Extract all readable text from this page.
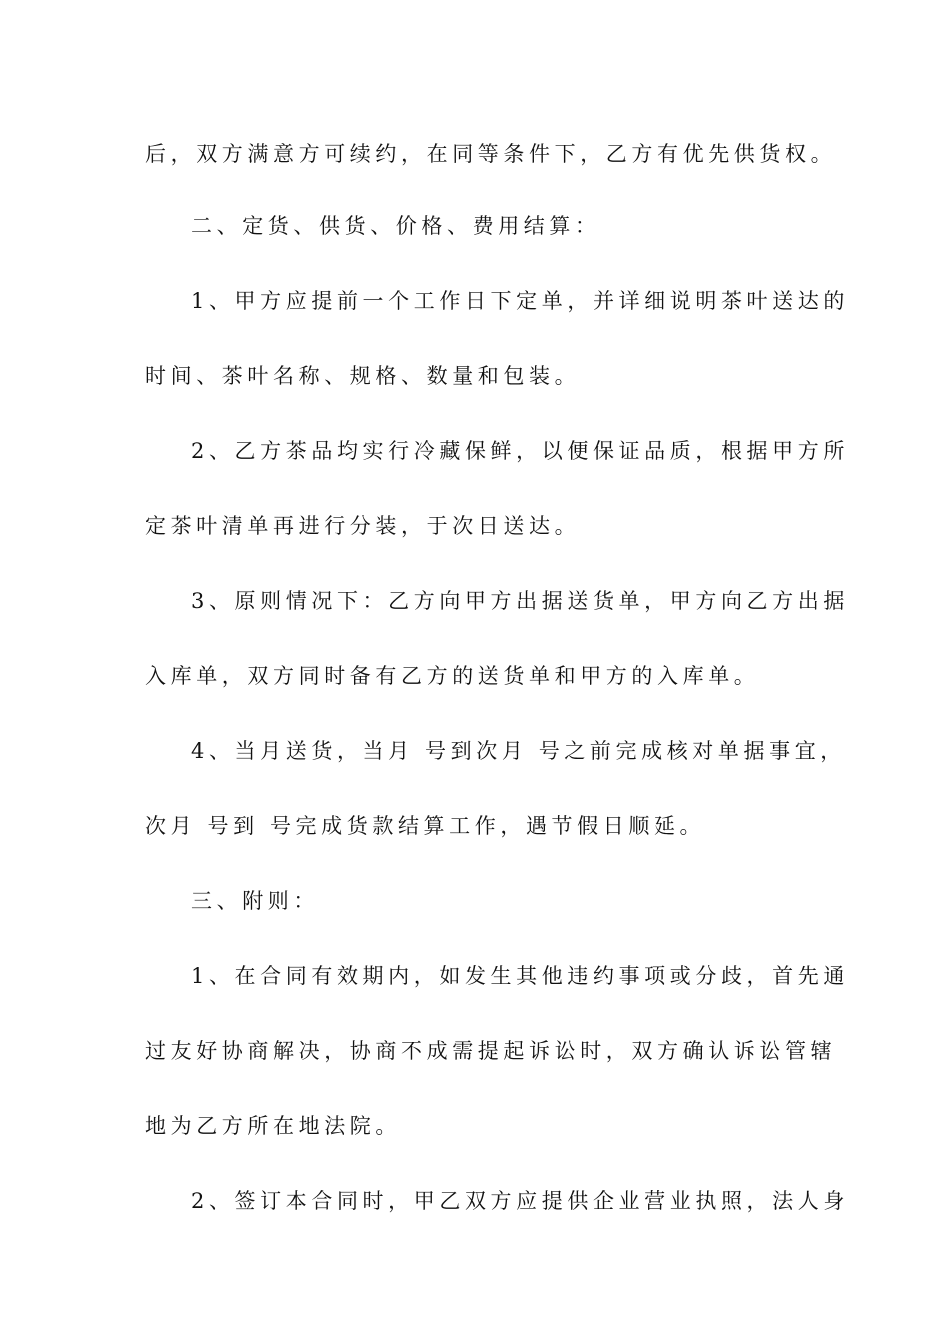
后，双方满意方可续约，在同等条件下，乙方有优先供货权。
二、定货、供货、价格、费用结算：
1、甲方应提前一个工作日下定单，并详细说明茶叶送达的
时间、茶叶名称、规格、数量和包装。
2、乙方茶品均实行冷藏保鲜，以便保证品质，根据甲方所
定茶叶清单再进行分装，于次日送达。
3、原则情况下：乙方向甲方出据送货单，甲方向乙方出据
入库单，双方同时备有乙方的送货单和甲方的入库单。
4、当月送货，当月 号到次月 号之前完成核对单据事宜，
次月 号到 号完成货款结算工作，遇节假日顺延。
三、附则：
1、在合同有效期内，如发生其他违约事项或分歧，首先通
过友好协商解决，协商不成需提起诉讼时，双方确认诉讼管辖
地为乙方所在地法院。
2、签订本合同时，甲乙双方应提供企业营业执照，法人身
